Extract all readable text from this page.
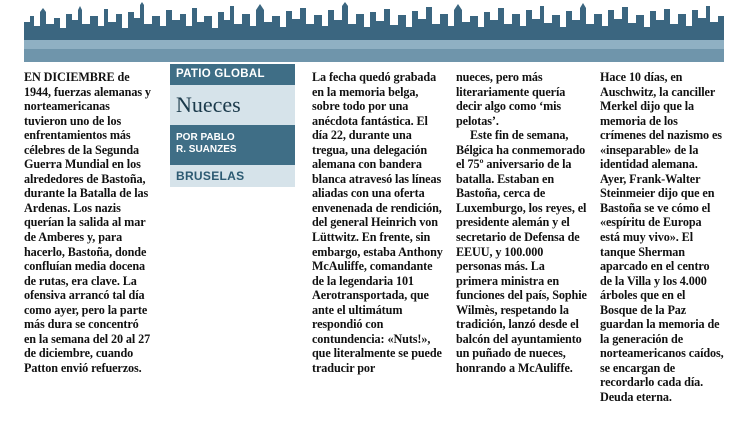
EN DICIEMBRE de 1944, fuerzas alemanas y norteamericanas tuvieron uno de los enfrentamientos más célebres de la Segunda Guerra Mundial en los alrededores de Bastoña, durante la Batalla de las Ardenas. Los nazis querían la salida al mar de Amberes y, para hacerlo, Bastoña, donde confluían media docena de rutas, era clave. La ofensiva arrancó tal día como ayer, pero la parte más dura se concentró en la semana del 20 al 27 de diciembre, cuando Patton envió refuerzos.

PATIO GLOBAL
Nueces
POR PABLO
R. SUANZES
BRUSELAS

La fecha quedó grabada en la memoria belga, sobre todo por una anécdota fantástica. El día 22, durante una tregua, una delegación alemana con bandera blanca atravesó las líneas aliadas con una oferta envenenada de rendición, del general Heinrich von Lüttwitz. En frente, sin embargo, estaba Anthony McAuliffe, comandante de la legendaria 101 Aerotransportada, que ante el ultimátum respondió con contundencia: «Nuts!», que literalmente se puede traducir por

nueces, pero más literariamente quería decir algo como ‘mis pelotas’.

Este fin de semana, Bélgica ha conmemorado el 75º aniversario de la batalla. Estaban en Bastoña, cerca de Luxemburgo, los reyes, el presidente alemán y el secretario de Defensa de EEUU, y 100.000 personas más. La primera ministra en funciones del país, Sophie Wilmès, respetando la tradición, lanzó desde el balcón del ayuntamiento un puñado de nueces, honrando a McAuliffe.

Hace 10 días, en Auschwitz, la canciller Merkel dijo que la memoria de los crímenes del nazismo es «inseparable» de la identidad alemana. Ayer, Frank-Walter Steinmeier dijo que en Bastoña se ve cómo el «espíritu de Europa está muy vivo». El tanque Sherman aparcado en el centro de la Villa y los 4.000 árboles que en el Bosque de la Paz guardan la memoria de la generación de norteamericanos caídos, se encargan de recordarlo cada día. Deuda eterna.
